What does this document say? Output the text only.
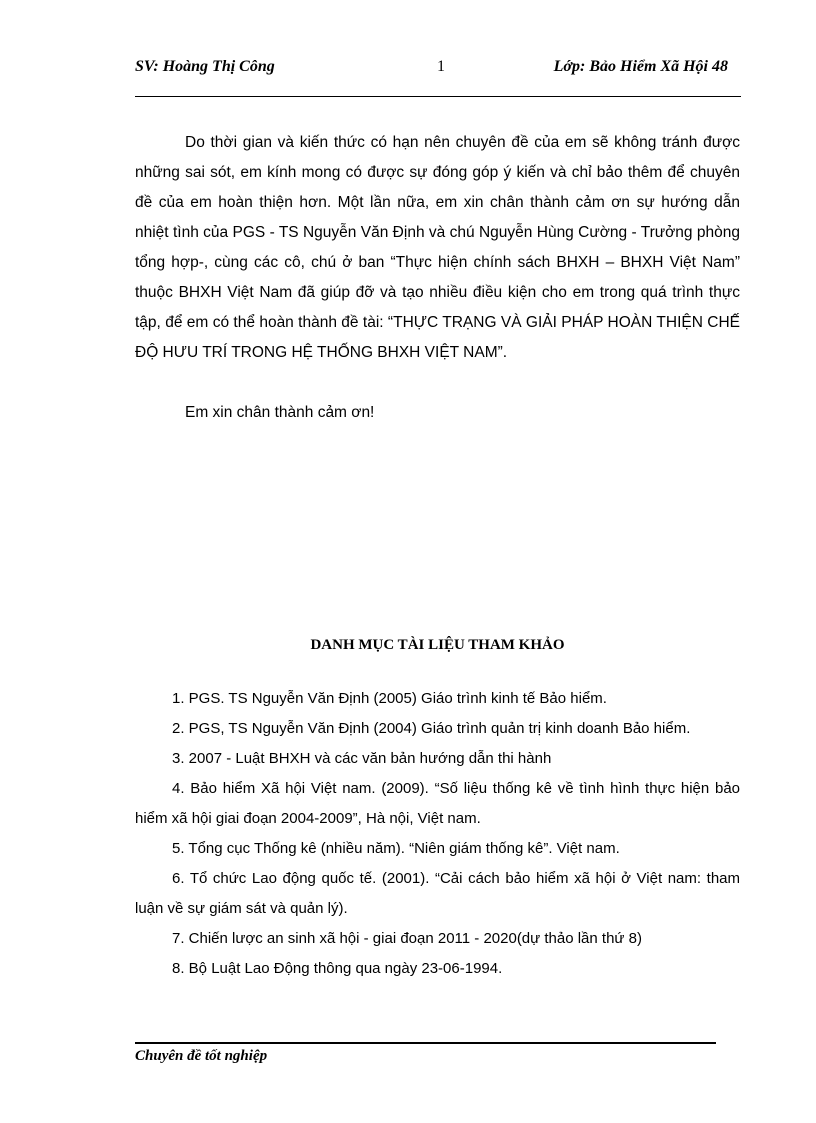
SV: Hoàng Thị Công	1	Lớp: Bảo Hiểm Xã Hội 48

Do thời gian và kiến thức có hạn nên chuyên đề của em sẽ không tránh được những sai sót, em kính mong có được sự đóng góp ý kiến và chỉ bảo thêm để chuyên đề của em hoàn thiện hơn. Một lần nữa, em xin chân thành cảm ơn sự hướng dẫn nhiệt tình của PGS - TS Nguyễn Văn Định và chú Nguyễn Hùng Cường - Trưởng phòng tổng hợp-, cùng các cô, chú ở ban “Thực hiện chính sách BHXH – BHXH Việt Nam” thuộc BHXH Việt Nam đã giúp đỡ và tạo nhiều điều kiện cho em trong quá trình thực tập, để em có thể hoàn thành đề tài: “THỰC TRẠNG VÀ GIẢI PHÁP HOÀN THIỆN CHẾ ĐỘ HƯU TRÍ TRONG HỆ THỐNG BHXH VIỆT NAM”.

Em xin chân thành cảm ơn!

DANH MỤC TÀI LIỆU THAM KHẢO
1. PGS. TS Nguyễn Văn Định (2005) Giáo trình kinh tế Bảo hiểm.
2. PGS, TS Nguyễn Văn Định (2004) Giáo trình quản trị kinh doanh Bảo hiểm.
3. 2007 - Luật BHXH và các văn bản hướng dẫn thi hành
4. Bảo hiểm Xã hội Việt nam. (2009). “Số liệu thống kê về tình hình thực hiện bảo hiểm xã hội giai đoạn 2004-2009”, Hà nội, Việt nam.
5. Tổng cục Thống kê (nhiều năm). “Niên giám thống kê”. Việt nam.
6. Tổ chức Lao động quốc tế. (2001). “Cải cách bảo hiểm xã hội ở Việt nam: tham luận về sự giám sát và quản lý).
7. Chiến lược an sinh xã hội - giai đoạn 2011 - 2020(dự thảo lần thứ 8)
8. Bộ Luật Lao Động thông qua ngày 23-06-1994.
Chuyên đề tốt nghiệp
